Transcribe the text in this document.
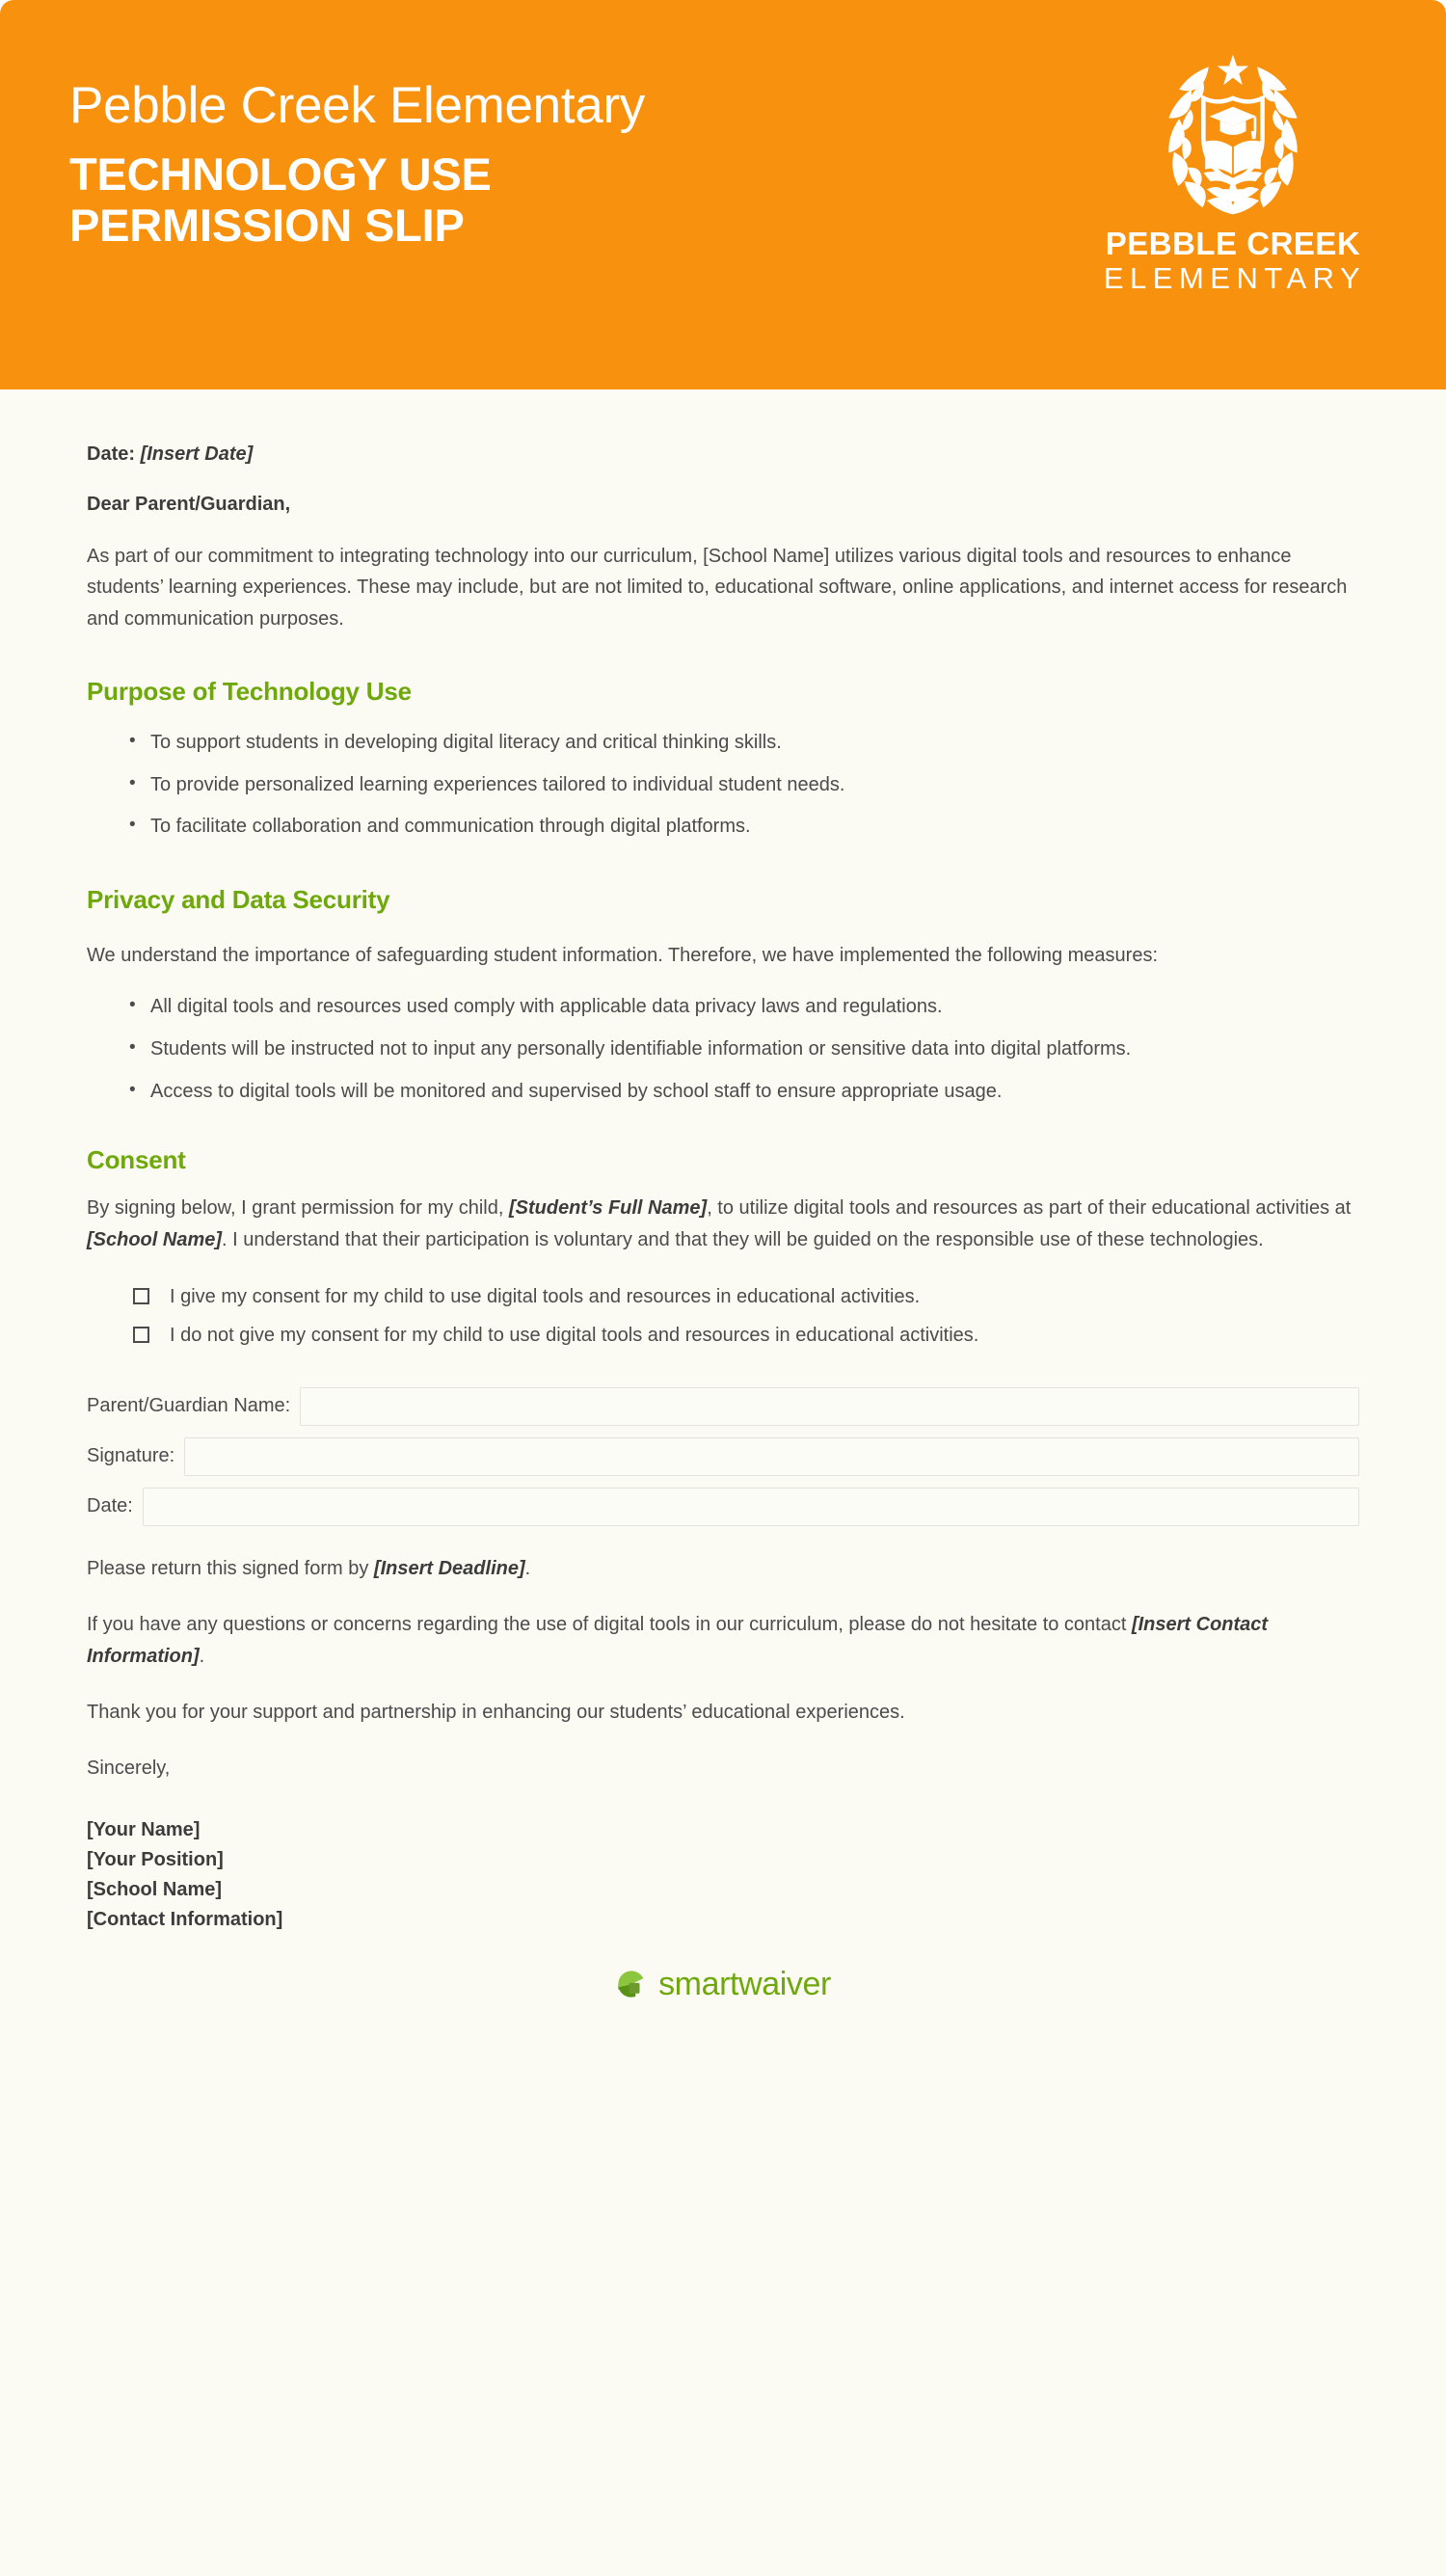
Pebble Creek Elementary
TECHNOLOGY USE
PERMISSION SLIP	PEBBLE CREEK
ELEMENTARY

Date: [Insert Date]

Dear Parent/Guardian,

As part of our commitment to integrating technology into our curriculum, [School Name] utilizes various digital tools and resources to enhance students’ learning experiences. These may include, but are not limited to, educational software, online applications, and internet access for research and communication purposes.

Purpose of Technology Use
• To support students in developing digital literacy and critical thinking skills.
• To provide personalized learning experiences tailored to individual student needs.
• To facilitate collaboration and communication through digital platforms.
Privacy and Data Security

We understand the importance of safeguarding student information. Therefore, we have implemented the following measures:

• All digital tools and resources used comply with applicable data privacy laws and regulations.
• Students will be instructed not to input any personally identifiable information or sensitive data into digital platforms.
• Access to digital tools will be monitored and supervised by school staff to ensure appropriate usage.
Consent

By signing below, I grant permission for my child, [Student’s Full Name], to utilize digital tools and resources as part of their educational activities at [School Name]. I understand that their participation is voluntary and that they will be guided on the responsible use of these technologies.

I give my consent for my child to use digital tools and resources in educational activities.
I do not give my consent for my child to use digital tools and resources in educational activities.
Parent/Guardian Name:
Signature:
Date:

Please return this signed form by [Insert Deadline].

If you have any questions or concerns regarding the use of digital tools in our curriculum, please do not hesitate to contact [Insert Contact Information].

Thank you for your support and partnership in enhancing our students’ educational experiences.

Sincerely,

[Your Name]
[Your Position]
[School Name]
[Contact Information]
smartwaiver
